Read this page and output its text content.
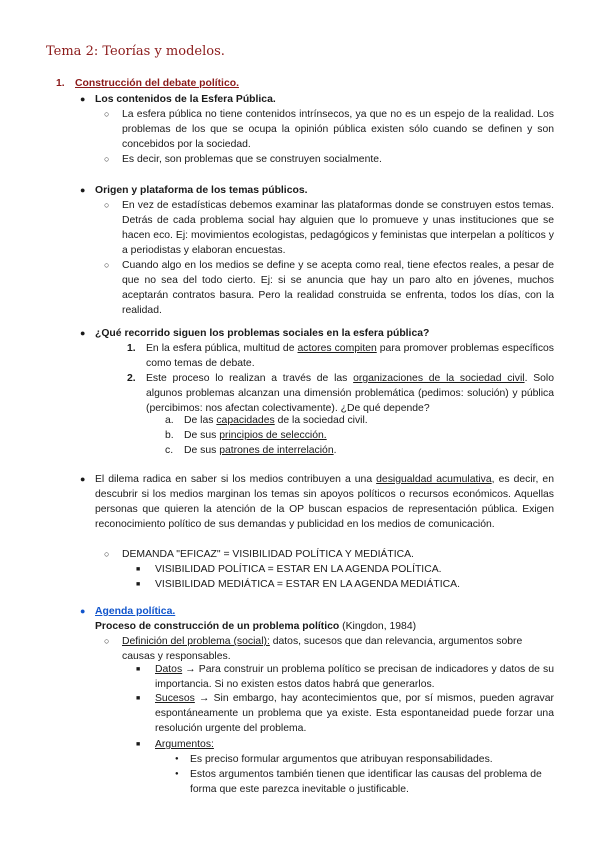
Tema 2: Teorías y modelos.
1. Construcción del debate político.
● Los contenidos de la Esfera Pública.
○ La esfera pública no tiene contenidos intrínsecos, ya que no es un espejo de la realidad. Los problemas de los que se ocupa la opinión pública existen sólo cuando se definen y son concebidos por la sociedad.
○ Es decir, son problemas que se construyen socialmente.
● Origen y plataforma de los temas públicos.
○ En vez de estadísticas debemos examinar las plataformas donde se construyen estos temas. Detrás de cada problema social hay alguien que lo promueve y unas instituciones que se hacen eco. Ej: movimientos ecologistas, pedagógicos y feministas que interpelan a políticos y a periodistas y elaboran encuestas.
○ Cuando algo en los medios se define y se acepta como real, tiene efectos reales, a pesar de que no sea del todo cierto. Ej: si se anuncia que hay un paro alto en jóvenes, muchos aceptarán contratos basura. Pero la realidad construida se enfrenta, todos los días, con la realidad.
● ¿Qué recorrido siguen los problemas sociales en la esfera pública?
1. En la esfera pública, multitud de actores compiten para promover problemas específicos como temas de debate.
2. Este proceso lo realizan a través de las organizaciones de la sociedad civil. Solo algunos problemas alcanzan una dimensión problemática (pedimos: solución) y pública (percibimos: nos afectan colectivamente). ¿De qué depende?
a. De las capacidades de la sociedad civil.
b. De sus principios de selección.
c. De sus patrones de interrelación.
● El dilema radica en saber si los medios contribuyen a una desigualdad acumulativa, es decir, en descubrir si los medios marginan los temas sin apoyos políticos o recursos económicos. Aquellas personas que quieren la atención de la OP buscan espacios de representación pública. Exigen reconocimiento político de sus demandas y publicidad en los medios de comunicación.
○ DEMANDA "EFICAZ" = VISIBILIDAD POLÍTICA Y MEDIÁTICA.
■ VISIBILIDAD POLÍTICA = ESTAR EN LA AGENDA POLÍTICA.
■ VISIBILIDAD MEDIÁTICA = ESTAR EN LA AGENDA MEDIÁTICA.
● Agenda política.
Proceso de construcción de un problema político (Kingdon, 1984)
○ Definición del problema (social): datos, sucesos que dan relevancia, argumentos sobre causas y responsables.
■ Datos → Para construir un problema político se precisan de indicadores y datos de su importancia. Si no existen estos datos habrá que generarlos.
■ Sucesos → Sin embargo, hay acontecimientos que, por sí mismos, pueden agravar espontáneamente un problema que ya existe. Esta espontaneidad puede forzar una resolución urgente del problema.
■ Argumentos:
● Es preciso formular argumentos que atribuyan responsabilidades.
● Estos argumentos también tienen que identificar las causas del problema de forma que este parezca inevitable o justificable.
